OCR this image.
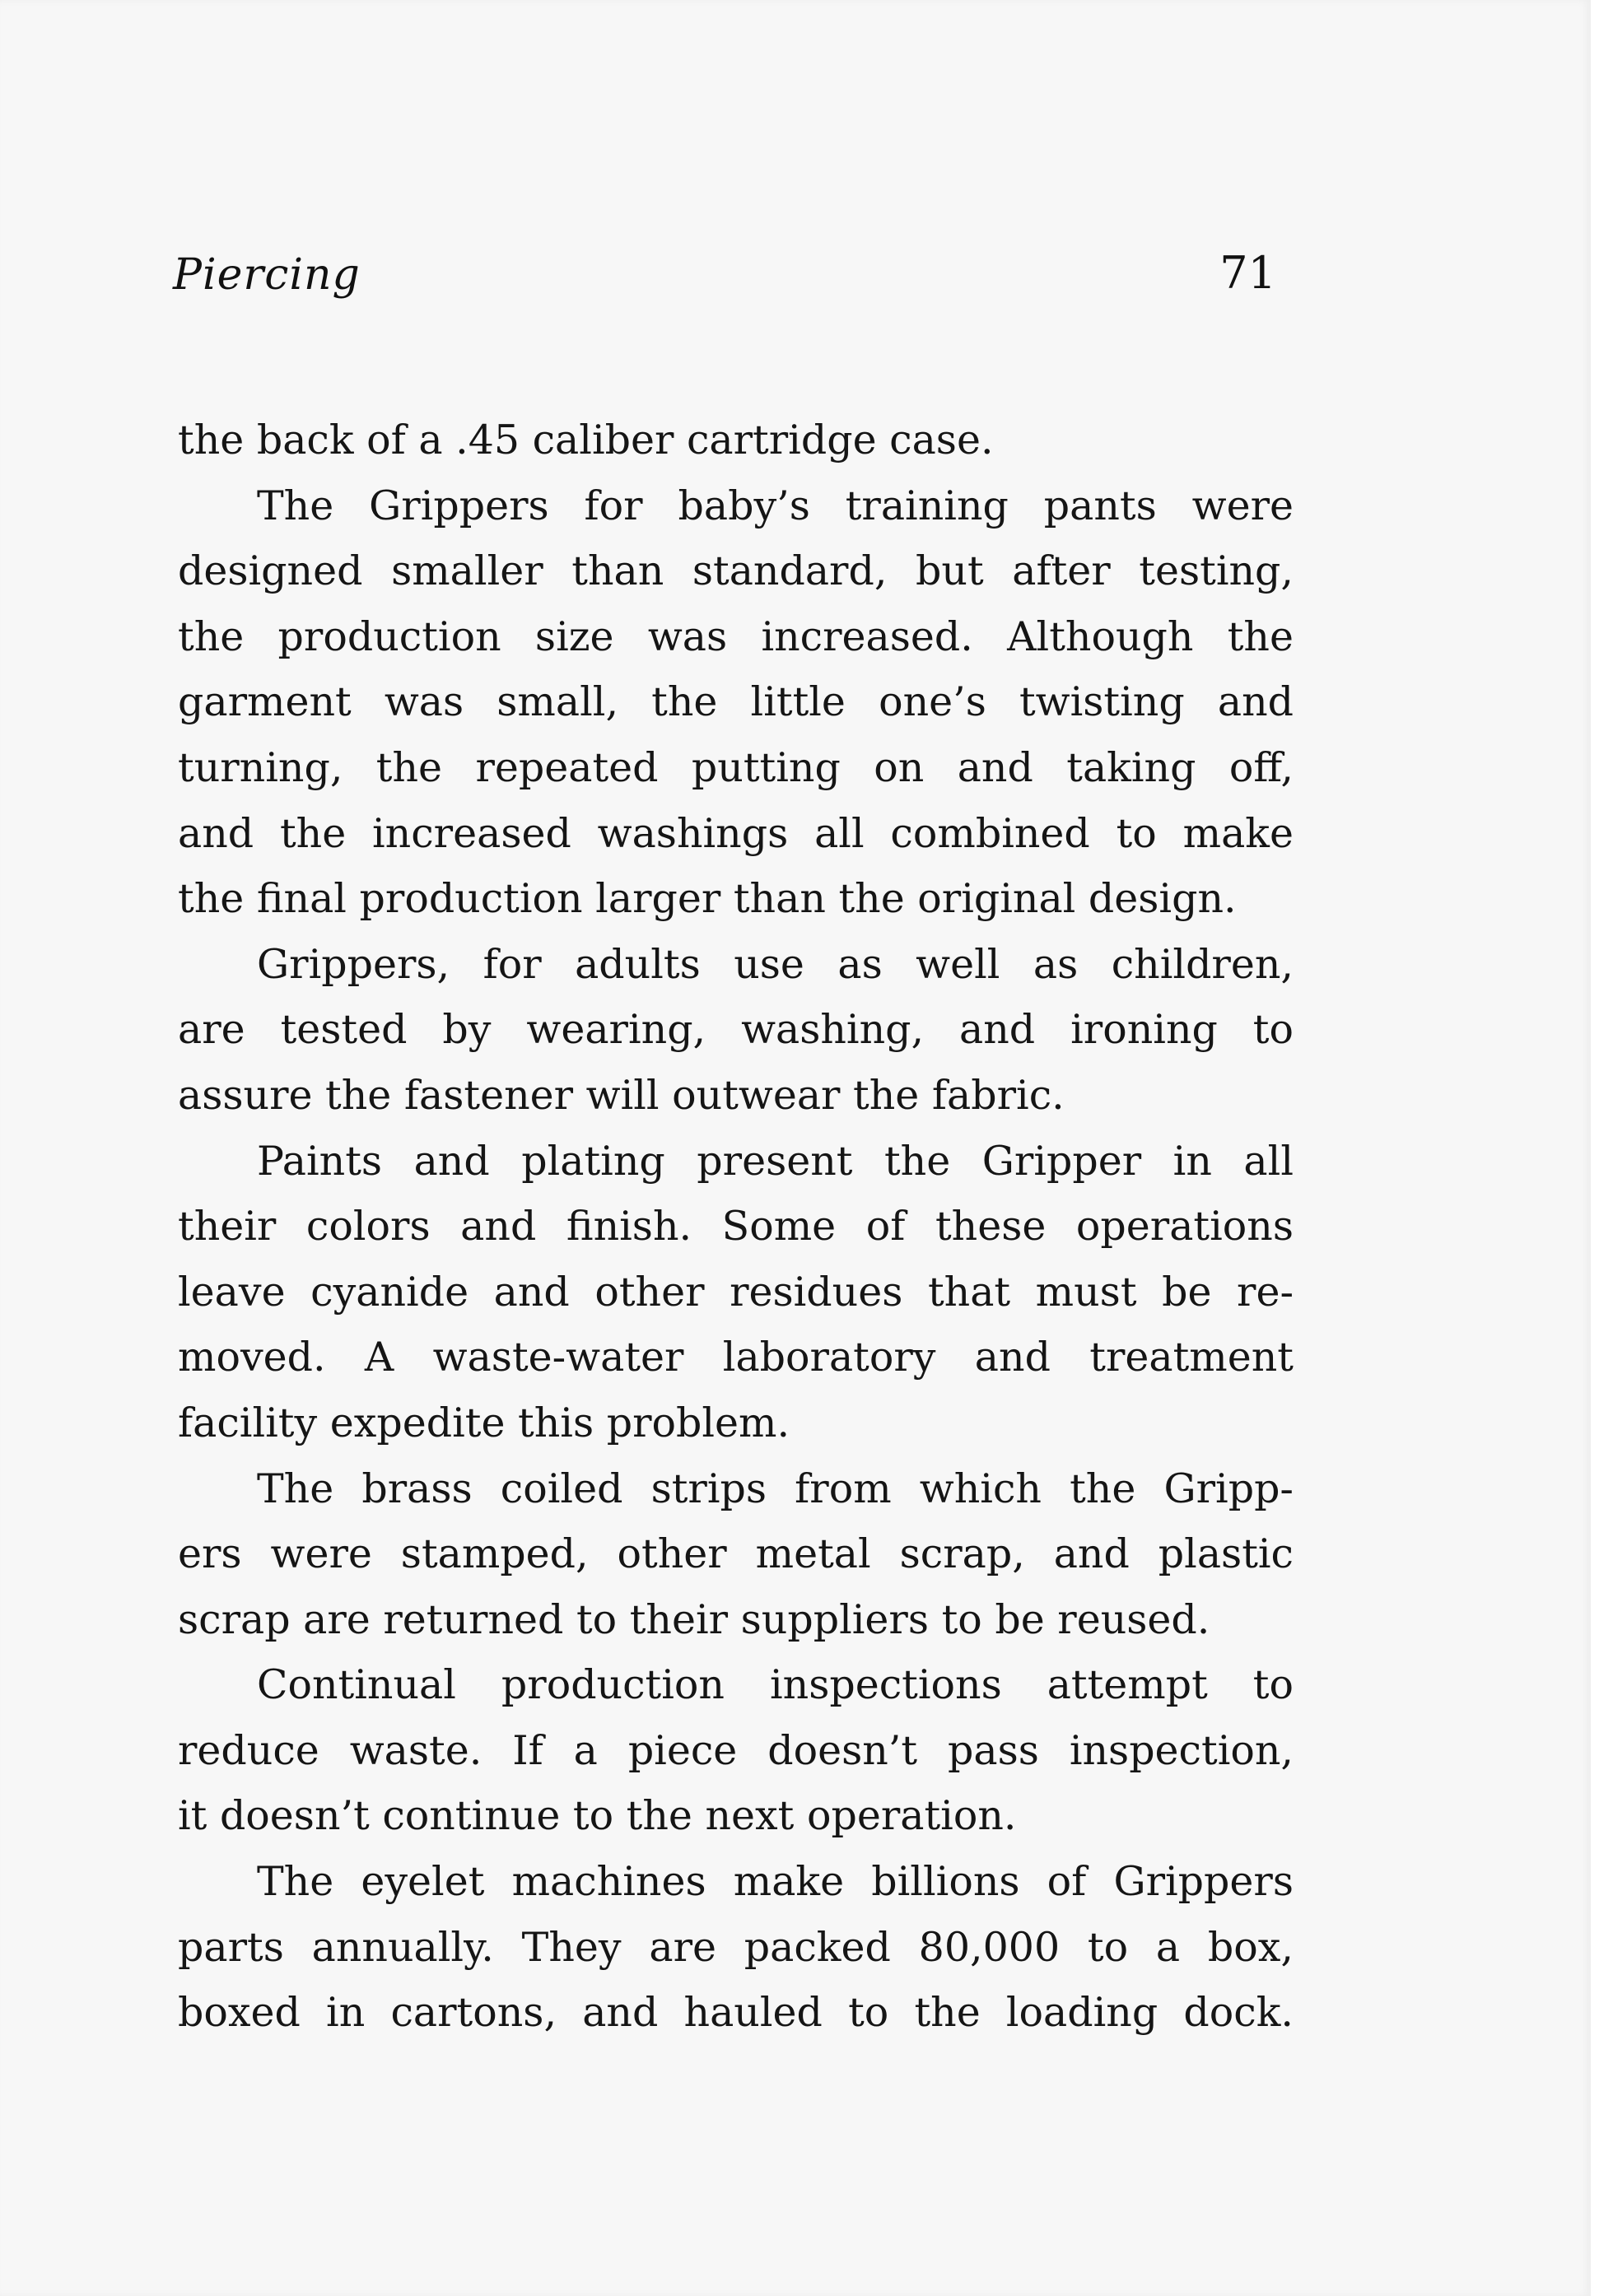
Piercing	71
the back of a .45 caliber cartridge case.
The Grippers for baby’s training pants were
designed smaller than standard, but after testing,
the production size was increased. Although the
garment was small, the little one’s twisting and
turning, the repeated putting on and taking off,
and the increased washings all combined to make
the final production larger than the original design.
Grippers, for adults use as well as children,
are tested by wearing, washing, and ironing to
assure the fastener will outwear the fabric.
Paints and plating present the Gripper in all
their colors and finish. Some of these operations
leave cyanide and other residues that must be re-
moved. A waste-water laboratory and treatment
facility expedite this problem.
The brass coiled strips from which the Gripp-
ers were stamped, other metal scrap, and plastic
scrap are returned to their suppliers to be reused.
Continual production inspections attempt to
reduce waste. If a piece doesn’t pass inspection,
it doesn’t continue to the next operation.
The eyelet machines make billions of Grippers
parts annually. They are packed 80,000 to a box,
boxed in cartons, and hauled to the loading dock.
